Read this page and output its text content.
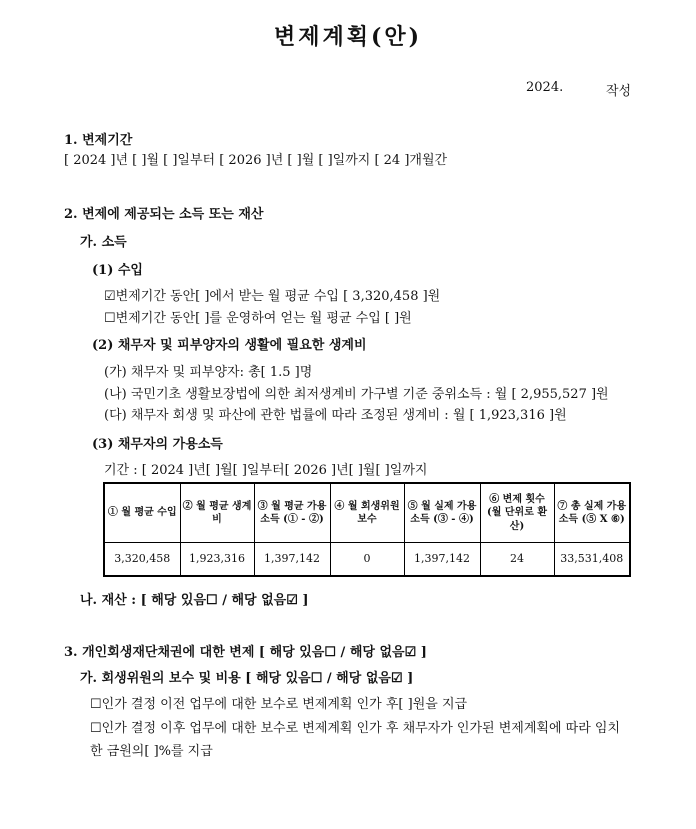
변제계획(안)
2024.	작성
1. 변제기간
[ 2024 ]년 [ ]월 [ ]일부터 [ 2026 ]년 [ ]월 [ ]일까지 [ 24 ]개월간
2. 변제에 제공되는 소득 또는 재산
가. 소득
(1) 수입
☑변제기간 동안[ ]에서 받는 월 평균 수입 [ 3,320,458 ]원
☐변제기간 동안[ ]를 운영하여 얻는 월 평균 수입 [ ]원
(2) 채무자 및 피부양자의 생활에 필요한 생계비
(가) 채무자 및 피부양자: 총[ 1.5 ]명
(나) 국민기초 생활보장법에 의한 최저생계비 가구별 기준 중위소득 : 월 [ 2,955,527 ]원
(다) 채무자 회생 및 파산에 관한 법률에 따라 조정된 생계비 : 월 [ 1,923,316 ]원
(3) 채무자의 가용소득
기간 : [ 2024 ]년[ ]월[ ]일부터[ 2026 ]년[ ]월[ ]일까지
① 월 평균 수입	② 월 평균 생계비	③ 월 평균 가용소득 (① - ②)	④ 월 회생위원 보수	⑤ 월 실제 가용소득 (③ - ④)	⑥ 변제 횟수 (월 단위로 환산)	⑦ 총 실제 가용소득 (⑤ X ⑥)
3,320,458	1,923,316	1,397,142	0	1,397,142	24	33,531,408
나. 재산 : [ 해당 있음☐ / 해당 없음☑ ]
3. 개인회생재단채권에 대한 변제 [ 해당 있음☐ / 해당 없음☑ ]
가. 회생위원의 보수 및 비용 [ 해당 있음☐ / 해당 없음☑ ]
☐인가 결정 이전 업무에 대한 보수로 변제계획 인가 후[ ]원을 지급
☐인가 결정 이후 업무에 대한 보수로 변제계획 인가 후 채무자가 인가된 변제계획에 따라 임치
한 금원의[ ]%를 지급
